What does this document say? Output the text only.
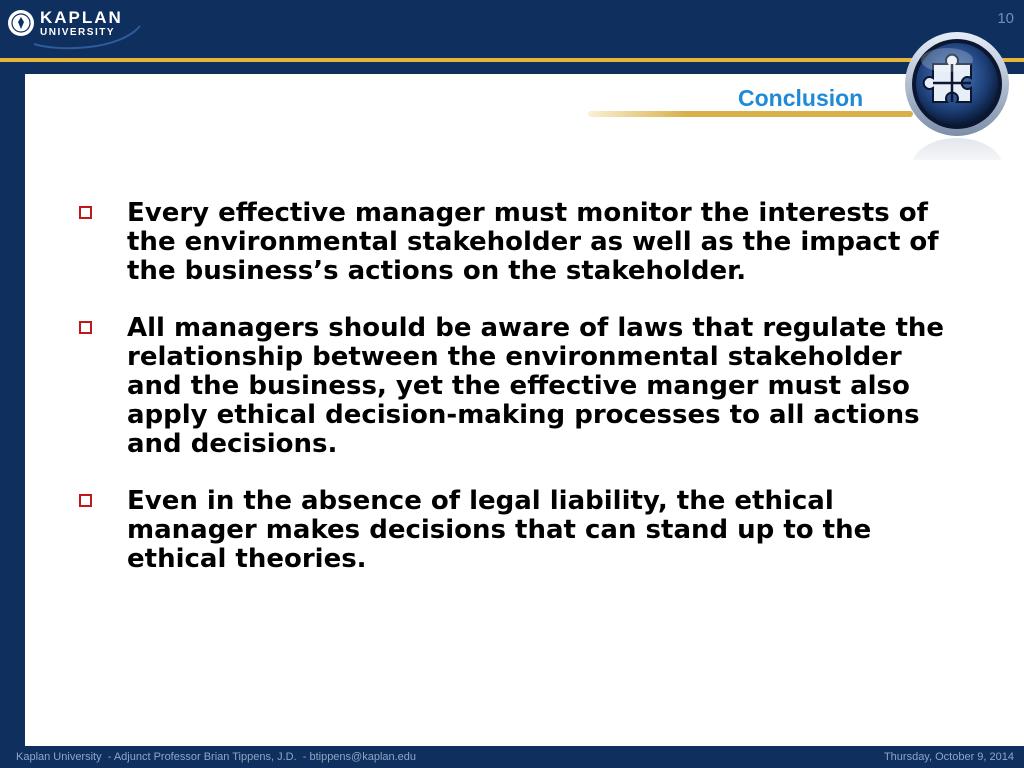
KAPLAN
UNIVERSITY
10
Conclusion
Every effective manager must monitor the interests of the environmental stakeholder as well as the impact of the business’s actions on the stakeholder.
All managers should be aware of laws that regulate the relationship between the environmental stakeholder and the business, yet the effective manger must also apply ethical decision-making processes to all actions and decisions.
Even in the absence of legal liability, the ethical manager makes decisions that can stand up to the ethical theories.
Kaplan University  - Adjunct Professor Brian Tippens, J.D.  - btippens@kaplan.edu	Thursday, October 9, 2014
